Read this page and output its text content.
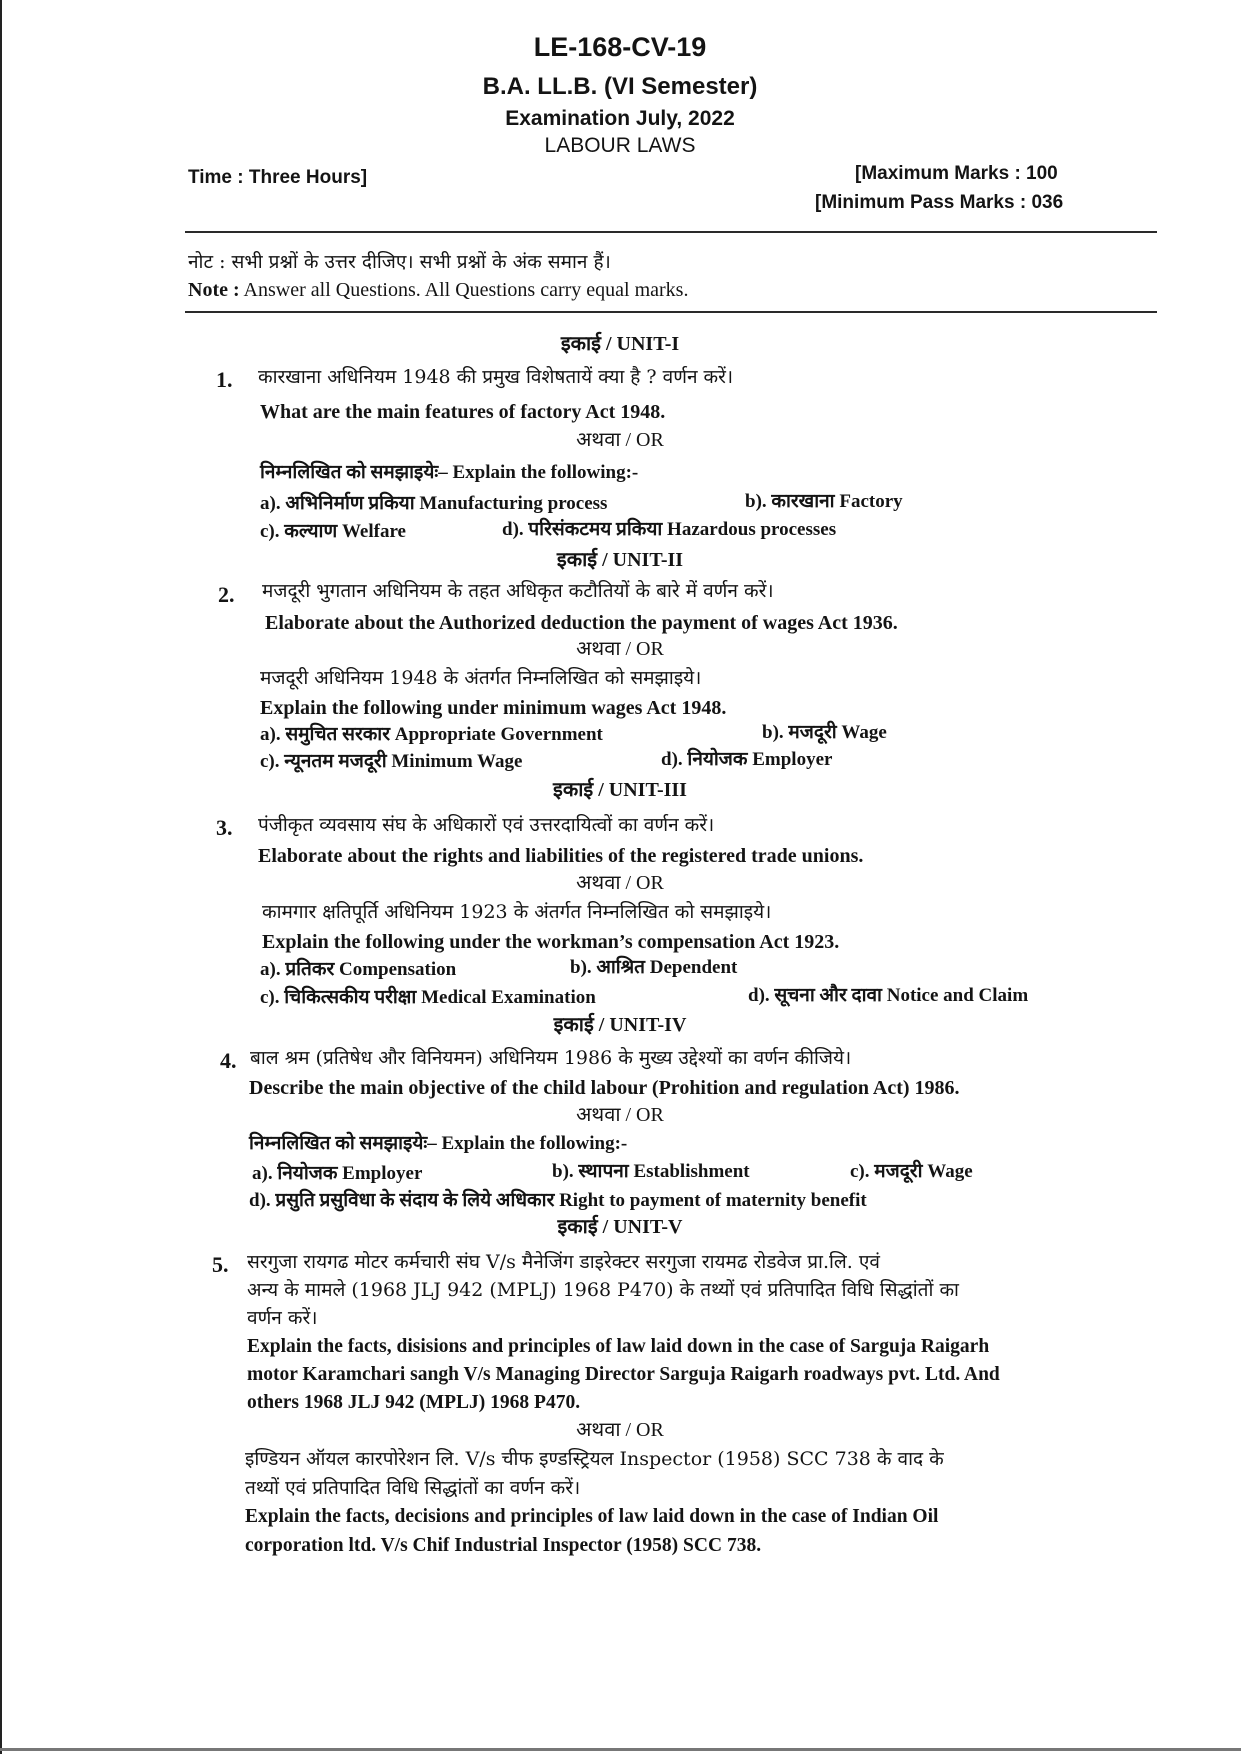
LE-168-CV-19
B.A. LL.B. (VI Semester)
Examination July, 2022
LABOUR LAWS
Time : Three Hours]	[Maximum Marks : 100
[Minimum Pass Marks : 036
नोट : सभी प्रश्नों के उत्तर दीजिए। सभी प्रश्नों के अंक समान हैं।
Note : Answer all Questions. All Questions carry equal marks.
इकाई / UNIT-I
1. कारखाना अधिनियम 1948 की प्रमुख विशेषतायें क्या है ? वर्णन करें।
What are the main features of factory Act 1948.
अथवा / OR
निम्नलिखित को समझाइयेः– Explain the following:-
a). अभिनिर्माण प्रकिया Manufacturing process	b). कारखाना Factory
c). कल्याण Welfare	d). परिसंकटमय प्रकिया Hazardous processes
इकाई / UNIT-II
2. मजदूरी भुगतान अधिनियम के तहत अधिकृत कटौतियों के बारे में वर्णन करें।
Elaborate about the Authorized deduction the payment of wages Act 1936.
अथवा / OR
मजदूरी अधिनियम 1948 के अंतर्गत निम्नलिखित को समझाइये।
Explain the following under minimum wages Act 1948.
a). समुचित सरकार Appropriate Government	b). मजदूरी Wage
c). न्यूनतम मजदूरी Minimum Wage	d). नियोजक Employer
इकाई / UNIT-III
3. पंजीकृत व्यवसाय संघ के अधिकारों एवं उत्तरदायित्वों का वर्णन करें।
Elaborate about the rights and liabilities of the registered trade unions.
अथवा / OR
कामगार क्षतिपूर्ति अधिनियम 1923 के अंतर्गत निम्नलिखित को समझाइये।
Explain the following under the workman’s compensation Act 1923.
a). प्रतिकर Compensation	b). आश्रित Dependent
c). चिकित्सकीय परीक्षा Medical Examination	d). सूचना और दावा Notice and Claim
इकाई / UNIT-IV
4. बाल श्रम (प्रतिषेध और विनियमन) अधिनियम 1986 के मुख्य उद्देश्यों का वर्णन कीजिये।
Describe the main objective of the child labour (Prohition and regulation Act) 1986.
अथवा / OR
निम्नलिखित को समझाइयेः– Explain the following:-
a). नियोजक Employer	b). स्थापना Establishment	c). मजदूरी Wage
d). प्रसुति प्रसुविधा के संदाय के लिये अधिकार Right to payment of maternity benefit
इकाई / UNIT-V
5. सरगुजा रायगढ मोटर कर्मचारी संघ V/s मैनेजिंग डाइरेक्टर सरगुजा रायमढ रोडवेज प्रा.लि. एवं
अन्य के मामले (1968 JLJ 942 (MPLJ) 1968 P470) के तथ्यों एवं प्रतिपादित विधि सिद्धांतों का
वर्णन करें।
Explain the facts, disisions and principles of law laid down in the case of Sarguja Raigarh
motor Karamchari sangh V/s Managing Director Sarguja Raigarh roadways pvt. Ltd. And
others 1968 JLJ 942 (MPLJ) 1968 P470.
अथवा / OR
इण्डियन ऑयल कारपोरेशन लि. V/s चीफ इण्डस्ट्रियल Inspector (1958) SCC 738 के वाद के
तथ्यों एवं प्रतिपादित विधि सिद्धांतों का वर्णन करें।
Explain the facts, decisions and principles of law laid down in the case of Indian Oil
corporation ltd. V/s Chif Industrial Inspector (1958) SCC 738.
